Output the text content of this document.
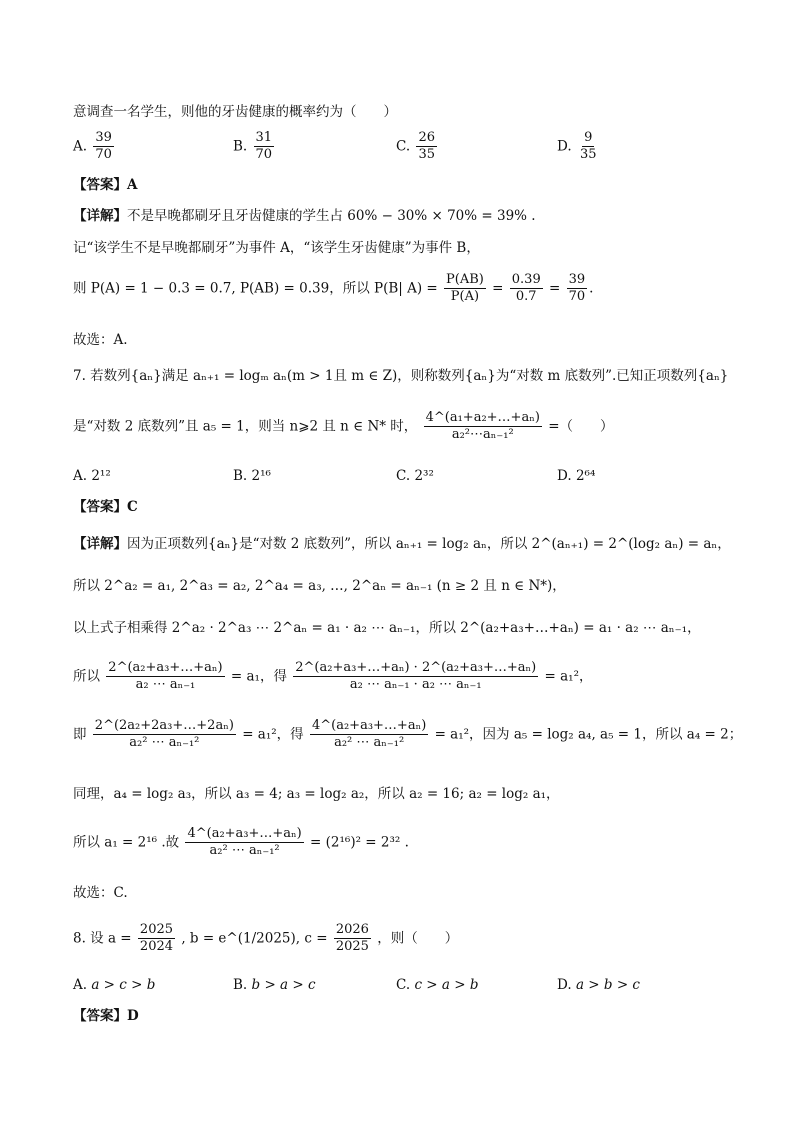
意调查一名学生，则他的牙齿健康的概率约为（　　）
A. $\frac{39}{70}$	B. $\frac{31}{70}$	C. $\frac{26}{35}$	D. $\frac{9}{35}$
【答案】A
【详解】不是早晚都刷牙且牙齿健康的学生占 60% − 30% × 70% = 39% .
记“该学生不是早晚都刷牙”为事件 A，“该学生牙齿健康”为事件 B，
则 P(A) = 1 − 0.3 = 0.7, P(AB) = 0.39，所以 P(B| $A) = \frac{P(AB)}{P(A)} = \frac{0.39}{0.7} = \frac{39}{70}$ .
故选：A.
7. 若数列{aₙ}满足 aₙ₊₁ = logₘ aₙ(m > 1且 m ∈ Z)，则称数列{aₙ}为“对数 m 底数列”.已知正项数列{aₙ}
是“对数 2 底数列”且 a₅ = 1，则当 n⩾2 且 n ∈ N* 时， $\frac{\text{4\textasciicircum{}(a₁+a₂+…+aₙ)}}{\text{a₂²⋯aₙ₋₁²}}$ =（　　）
A. 2¹²	B. 2¹⁶	C. 2³²	D. 2⁶⁴
【答案】C
【详解】因为正项数列{aₙ}是“对数 2 底数列”，所以 aₙ₊₁ = log₂ aₙ，所以 2^(aₙ₊₁) = 2^(log₂ aₙ) = aₙ，
所以 2^a₂ = a₁, 2^a₃ = a₂, 2^a₄ = a₃, …, 2^aₙ = aₙ₋₁ (n ≥ 2 且 n ∈ N*)，
以上式子相乘得 2^a₂ · 2^a₃ ⋯ 2^aₙ = a₁ · a₂ ⋯ aₙ₋₁，所以 2^(a₂+a₃+…+aₙ) = a₁ · a₂ ⋯ aₙ₋₁，
所以 $\frac{\text{2\textasciicircum{}(a₂+a₃+…+aₙ)}}{\text{a₂ ⋯ aₙ₋₁}} = a_1$，得 $\frac{\text{2\textasciicircum{}(a₂+a₃+…+aₙ) · 2\textasciicircum{}(a₂+a₃+…+aₙ)}}{\text{a₂ ⋯ aₙ₋₁ · a₂ ⋯ aₙ₋₁}} = a_1^2$，
即 $\frac{\text{2\textasciicircum{}(2a₂+2a₃+…+2aₙ)}}{\text{a₂² ⋯ aₙ₋₁²}} = a_1^2$，得 $\frac{\text{4\textasciicircum{}(a₂+a₃+…+aₙ)}}{\text{a₂² ⋯ aₙ₋₁²}} = a_1^2$，因为 a₅ = log₂ a₄, a₅ = 1，所以 a₄ = 2；
同理，a₄ = log₂ a₃，所以 a₃ = 4; a₃ = log₂ a₂，所以 a₂ = 16; a₂ = log₂ a₁，
所以 a₁ = 2¹⁶ .故 $\frac{\text{4\textasciicircum{}(a₂+a₃+…+aₙ)}}{\text{a₂² ⋯ aₙ₋₁²}} = (2^{16})^2 = 2^{32}$ .
故选：C.
8. 设 $a = \frac{2025}{2024}$ , b = e^(1/2025), $c = \frac{2026}{2025}$ ，则（　　）
A. a > c > b	B. b > a > c	C. c > a > b	D. a > b > c
【答案】D
